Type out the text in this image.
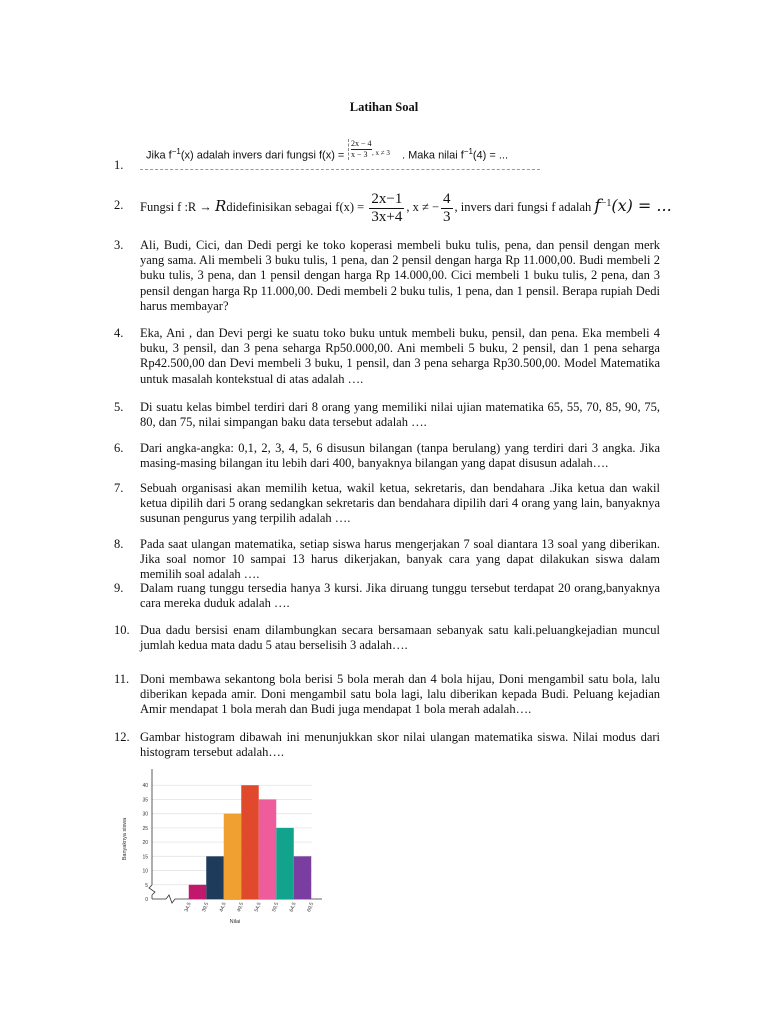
Latihan Soal
1.
Jika $f^{-1}(x)$ adalah invers dari fungsi $f(x) = \frac{2x - 4}{x - 3}$ , x ≠ 3 . Maka nilai $f^{-1}(4)$ = ...
2. Fungsi f :R → Rdidefinisikan sebagai $f(x) = \frac{2x-1}{3x+4}$ , x ≠ − $\frac{4}{3}$ , invers dari fungsi f adalah $f^{-1}(x)$ = ...
3.	Ali, Budi, Cici, dan Dedi pergi ke toko koperasi membeli buku tulis, pena, dan pensil dengan merk yang sama. Ali membeli 3 buku tulis, 1 pena, dan 2 pensil dengan harga Rp 11.000,00. Budi membeli 2 buku tulis, 3 pena, dan 1 pensil dengan harga Rp 14.000,00. Cici membeli 1 buku tulis, 2 pena, dan 3 pensil dengan harga Rp 11.000,00. Dedi membeli 2 buku tulis, 1 pena, dan 1 pensil. Berapa rupiah Dedi harus membayar?
4.	Eka, Ani , dan Devi pergi ke suatu toko buku untuk membeli buku, pensil, dan pena. Eka membeli 4 buku, 3 pensil, dan 3 pena seharga Rp50.000,00. Ani membeli 5 buku, 2 pensil, dan 1 pena seharga Rp42.500,00 dan Devi membeli 3 buku, 1 pensil, dan 3 pena seharga Rp30.500,00. Model Matematika untuk masalah kontekstual di atas adalah ….
5.	Di suatu kelas bimbel terdiri dari 8 orang yang memiliki nilai ujian matematika 65, 55, 70, 85, 90, 75, 80, dan 75, nilai simpangan baku data tersebut adalah ….
6.	Dari angka-angka: 0,1, 2, 3, 4, 5, 6 disusun bilangan (tanpa berulang) yang terdiri dari 3 angka. Jika masing-masing bilangan itu lebih dari 400, banyaknya bilangan yang dapat disusun adalah….
7.	Sebuah organisasi akan memilih ketua, wakil ketua, sekretaris, dan bendahara .Jika ketua dan wakil ketua dipilih dari 5 orang sedangkan sekretaris dan bendahara dipilih dari 4 orang yang lain, banyaknya susunan pengurus yang terpilih adalah ….
8.	Pada saat ulangan matematika, setiap siswa harus mengerjakan 7 soal diantara 13 soal yang diberikan. Jika soal nomor 10 sampai 13 harus dikerjakan, banyak cara yang dapat dilakukan siswa dalam memilih soal adalah ….
9.	Dalam ruang tunggu tersedia hanya 3 kursi. Jika diruang tunggu tersebut terdapat 20 orang,banyaknya cara mereka duduk adalah ….
10. Dua dadu bersisi enam dilambungkan secara bersamaan sebanyak satu kali.peluangkejadian muncul jumlah kedua mata dadu 5 atau berselisih 3 adalah….
11. Doni membawa sekantong bola berisi 5 bola merah dan 4 bola hijau, Doni mengambil satu bola, lalu diberikan kepada amir. Doni mengambil satu bola lagi, lalu diberikan kepada Budi. Peluang kejadian Amir mendapat 1 bola merah dan Budi juga mendapat 1 bola merah adalah….
12. Gambar histogram dibawah ini menunjukkan skor nilai ulangan matematika siswa. Nilai modus dari histogram tersebut adalah….
0
5
10
15
20
25
30
35
40
34,5 39,5 44,5 49,5 54,5 59,5 64,5 69,5
Nilai
Banyaknya siswa
